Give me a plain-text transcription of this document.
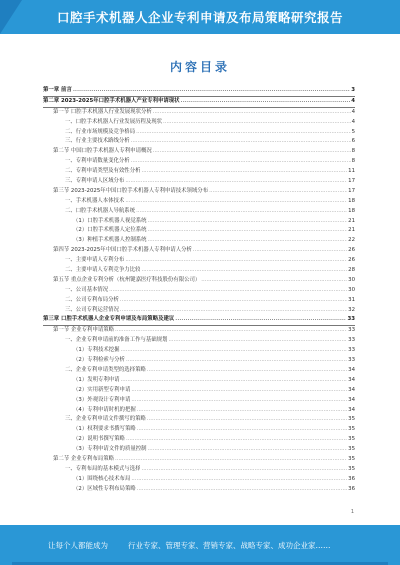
口腔手术机器人企业专利申请及布局策略研究报告
内容目录
第一章 前言 .....	3
第二章 2023-2025年口腔手术机器人产业专利申请现状 .....	4
第一节 口腔手术机器人行业发展现状分析 .....	4
一、口腔手术机器人行业发展历程及现状 .....	4
二、行业市场规模及竞争格局 .....	5
三、行业主要技术路线分析 .....	6
第二节 中国口腔手术机器人专利申请概况 .....	8
一、专利申请数量变化分析 .....	8
二、专利申请类型及有效性分析 .....	11
三、专利申请人区域分布 .....	17
第三节 2023-2025年中国口腔手术机器人专利申请技术领域分布 .....	17
一、手术机器人本体技术 .....	18
二、口腔手术机器人导航系统 .....	18
（1）口腔手术机器人视觉系统 .....	21
（2）口腔手术机器人定位系统 .....	21
（3）种植手术机器人控制系统 .....	22
第四节 2023-2025年中国口腔手术机器人专利申请人分析 .....	26
一、主要申请人专利分布 .....	26
二、主要申请人专利竞争力比较 .....	28
第五节 重点企业专利分析（杭州键嘉医疗科技股份有限公司） .....	30
一、公司基本情况 .....	30
二、公司专利布局分析 .....	31
三、公司专利运营情况 .....	32
第三章 口腔手术机器人企业专利申请及布局策略及建议 .....	33
第一节 企业专利申请策略 .....	33
一、企业专利申请前的准备工作与基础规划 .....	33
（1）专利技术挖掘 .....	33
（2）专利检索与分析 .....	33
二、企业专利申请类型的选择策略 .....	34
（1）发明专利申请 .....	34
（2）实用新型专利申请 .....	34
（3）外观设计专利申请 .....	34
（4）专利申请时机的把握 .....	34
三、企业专利申请文件撰写的策略 .....	35
（1）权利要求书撰写策略 .....	35
（2）说明书撰写策略 .....	35
（3）专利申请文件的质量控制 .....	35
第二节 企业专利布局策略 .....	35
一、专利布局的基本模式与选择 .....	35
（1）围绕核心技术布局 .....	36
（2）区域性专利布局策略 .....	36
1
让每个人都能成为	行业专家、管理专家、营销专家、战略专家、成功企业家……
